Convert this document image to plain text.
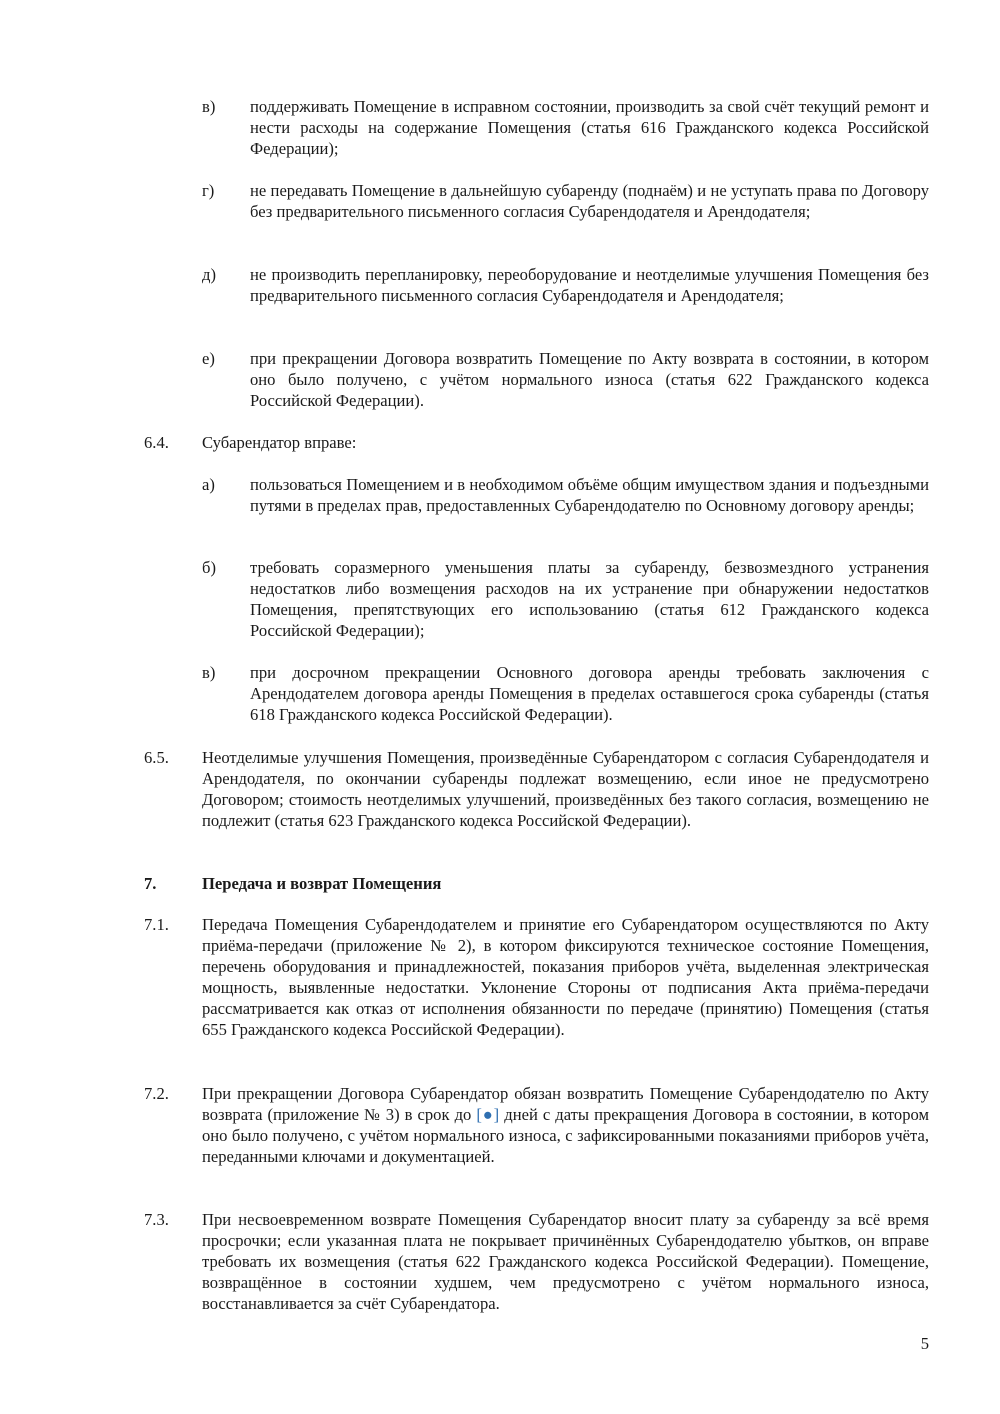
в)	поддерживать Помещение в исправном состоянии, производить за свой счёт текущий ремонт и нести расходы на содержание Помещения (статья 616 Гражданского кодекса Российской Федерации);

г)	не передавать Помещение в дальнейшую субаренду (поднаём) и не уступать права по Договору без предварительного письменного согласия Субарендодателя и Арендодателя;

д)	не производить перепланировку, переоборудование и неотделимые улучшения Помещения без предварительного письменного согласия Субарендодателя и Арендодателя;

е)	при прекращении Договора возвратить Помещение по Акту возврата в состоянии, в котором оно было получено, с учётом нормального износа (статья 622 Гражданского кодекса Российской Федерации).

6.4.	Субарендатор вправе:

а)	пользоваться Помещением и в необходимом объёме общим имуществом здания и подъездными путями в пределах прав, предоставленных Субарендодателю по Основному договору аренды;

б)	требовать соразмерного уменьшения платы за субаренду, безвозмездного устранения недостатков либо возмещения расходов на их устранение при обнаружении недостатков Помещения, препятствующих его использованию (статья 612 Гражданского кодекса Российской Федерации);

в)	при досрочном прекращении Основного договора аренды требовать заключения с Арендодателем договора аренды Помещения в пределах оставшегося срока субаренды (статья 618 Гражданского кодекса Российской Федерации).

6.5.	Неотделимые улучшения Помещения, произведённые Субарендатором с согласия Субарендодателя и Арендодателя, по окончании субаренды подлежат возмещению, если иное не предусмотрено Договором; стоимость неотделимых улучшений, произведённых без такого согласия, возмещению не подлежит (статья 623 Гражданского кодекса Российской Федерации).

7.	Передача и возврат Помещения
7.1.	Передача Помещения Субарендодателем и принятие его Субарендатором осуществляются по Акту приёма-передачи (приложение № 2), в котором фиксируются техническое состояние Помещения, перечень оборудования и принадлежностей, показания приборов учёта, выделенная электрическая мощность, выявленные недостатки. Уклонение Стороны от подписания Акта приёма-передачи рассматривается как отказ от исполнения обязанности по передаче (принятию) Помещения (статья 655 Гражданского кодекса Российской Федерации).

7.2.	При прекращении Договора Субарендатор обязан возвратить Помещение Субарендодателю по Акту возврата (приложение № 3) в срок до [●] дней с даты прекращения Договора в состоянии, в котором оно было получено, с учётом нормального износа, с зафиксированными показаниями приборов учёта, переданными ключами и документацией.

7.3.	При несвоевременном возврате Помещения Субарендатор вносит плату за субаренду за всё время просрочки; если указанная плата не покрывает причинённых Субарендодателю убытков, он вправе требовать их возмещения (статья 622 Гражданского кодекса Российской Федерации). Помещение, возвращённое в состоянии худшем, чем предусмотрено с учётом нормального износа, восстанавливается за счёт Субарендатора.

5
